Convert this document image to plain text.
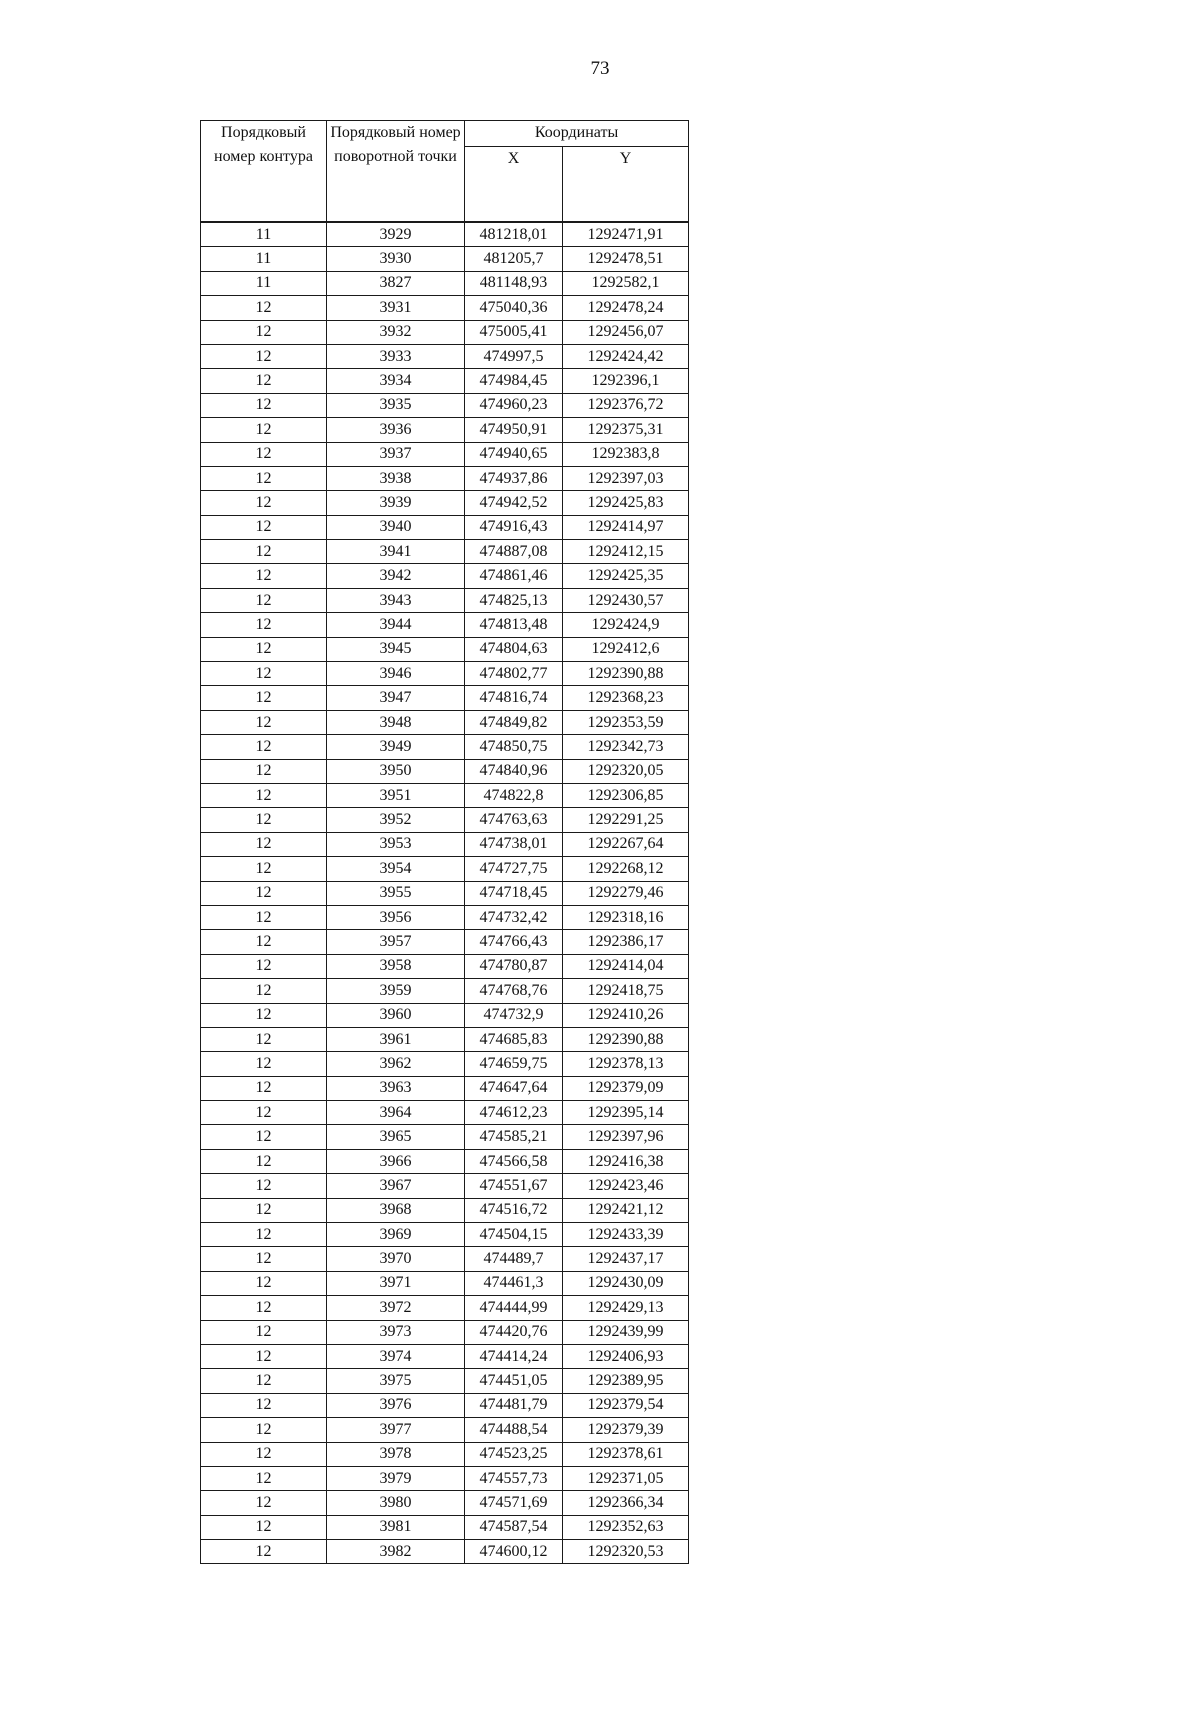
73
Порядковый номер контура	Порядковый номер поворотной точки	Координаты	
		X	Y
11	3929	481218,01	1292471,91
11	3930	481205,7	1292478,51
11	3827	481148,93	1292582,1
12	3931	475040,36	1292478,24
12	3932	475005,41	1292456,07
12	3933	474997,5	1292424,42
12	3934	474984,45	1292396,1
12	3935	474960,23	1292376,72
12	3936	474950,91	1292375,31
12	3937	474940,65	1292383,8
12	3938	474937,86	1292397,03
12	3939	474942,52	1292425,83
12	3940	474916,43	1292414,97
12	3941	474887,08	1292412,15
12	3942	474861,46	1292425,35
12	3943	474825,13	1292430,57
12	3944	474813,48	1292424,9
12	3945	474804,63	1292412,6
12	3946	474802,77	1292390,88
12	3947	474816,74	1292368,23
12	3948	474849,82	1292353,59
12	3949	474850,75	1292342,73
12	3950	474840,96	1292320,05
12	3951	474822,8	1292306,85
12	3952	474763,63	1292291,25
12	3953	474738,01	1292267,64
12	3954	474727,75	1292268,12
12	3955	474718,45	1292279,46
12	3956	474732,42	1292318,16
12	3957	474766,43	1292386,17
12	3958	474780,87	1292414,04
12	3959	474768,76	1292418,75
12	3960	474732,9	1292410,26
12	3961	474685,83	1292390,88
12	3962	474659,75	1292378,13
12	3963	474647,64	1292379,09
12	3964	474612,23	1292395,14
12	3965	474585,21	1292397,96
12	3966	474566,58	1292416,38
12	3967	474551,67	1292423,46
12	3968	474516,72	1292421,12
12	3969	474504,15	1292433,39
12	3970	474489,7	1292437,17
12	3971	474461,3	1292430,09
12	3972	474444,99	1292429,13
12	3973	474420,76	1292439,99
12	3974	474414,24	1292406,93
12	3975	474451,05	1292389,95
12	3976	474481,79	1292379,54
12	3977	474488,54	1292379,39
12	3978	474523,25	1292378,61
12	3979	474557,73	1292371,05
12	3980	474571,69	1292366,34
12	3981	474587,54	1292352,63
12	3982	474600,12	1292320,53
